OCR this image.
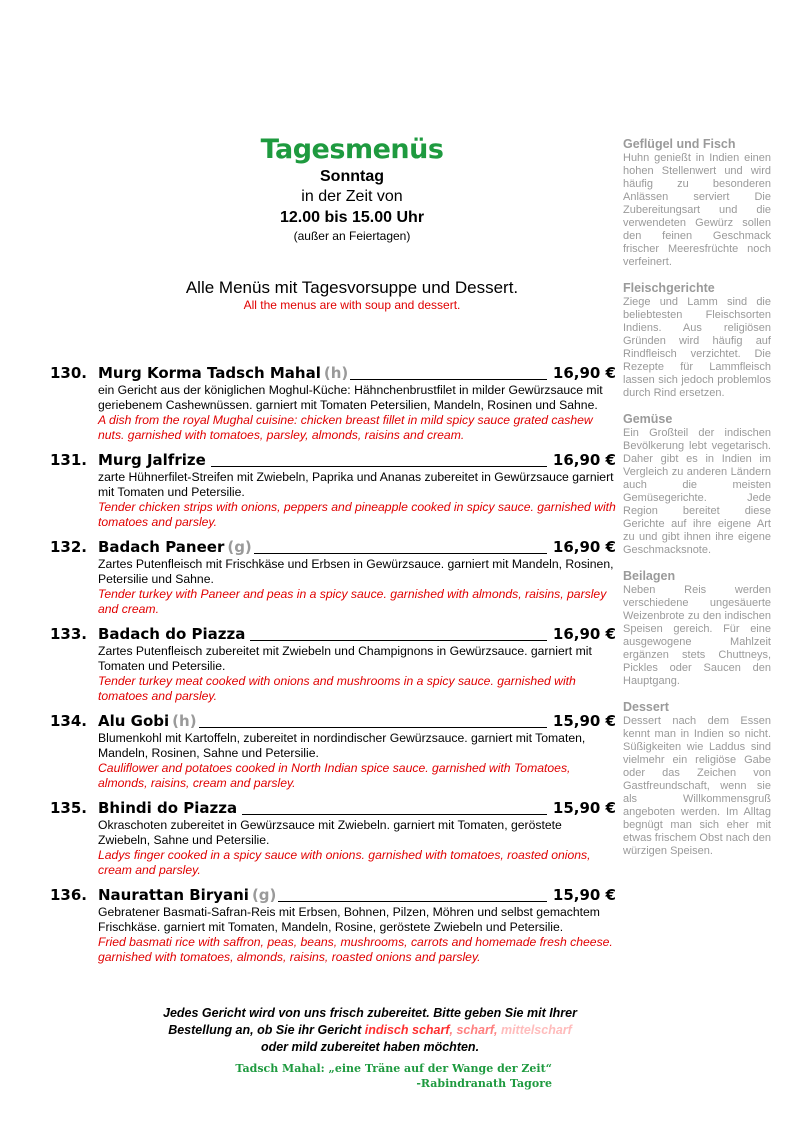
Tagesmenüs
Sonntag
in der Zeit von
12.00 bis 15.00 Uhr
(außer an Feiertagen)
Alle Menüs mit Tagesvorsuppe und Dessert.
All the menus are with soup and dessert.
130. Murg Korma Tadsch Mahal (h)	16,90 €
ein Gericht aus der königlichen Moghul-Küche: Hähnchenbrustfilet in milder Gewürzsauce mit geriebenem Cashewnüssen. garniert mit Tomaten Petersilien, Mandeln, Rosinen und Sahne.
A dish from the royal Mughal cuisine: chicken breast fillet in mild spicy sauce grated cashew nuts. garnished with tomatoes, parsley, almonds, raisins and cream.
131. Murg Jalfrize	16,90 €
zarte Hühnerfilet-Streifen mit Zwiebeln, Paprika und Ananas zubereitet in Gewürzsauce garniert mit Tomaten und Petersilie.
Tender chicken strips with onions, peppers and pineapple cooked in spicy sauce. garnished with tomatoes and parsley.
132. Badach Paneer (g)	16,90 €
Zartes Putenfleisch mit Frischkäse und Erbsen in Gewürzsauce. garniert mit Mandeln, Rosinen, Petersilie und Sahne.
Tender turkey with Paneer and peas in a spicy sauce. garnished with almonds, raisins, parsley and cream.
133. Badach do Piazza	16,90 €
Zartes Putenfleisch zubereitet mit Zwiebeln und Champignons in Gewürzsauce. garniert mit Tomaten und Petersilie.
Tender turkey meat cooked with onions and mushrooms in a spicy sauce. garnished with tomatoes and parsley.
134. Alu Gobi (h)	15,90 €
Blumenkohl mit Kartoffeln, zubereitet in nordindischer Gewürzsauce. garniert mit Tomaten, Mandeln, Rosinen, Sahne und Petersilie.
Cauliflower and potatoes cooked in North Indian spice sauce. garnished with Tomatoes, almonds, raisins, cream and parsley.
135. Bhindi do Piazza	15,90 €
Okraschoten zubereitet in Gewürzsauce mit Zwiebeln. garniert mit Tomaten, geröstete Zwiebeln, Sahne und Petersilie.
Ladys finger cooked in a spicy sauce with onions. garnished with tomatoes, roasted onions, cream and parsley.
136. Naurattan Biryani (g)	15,90 €
Gebratener Basmati-Safran-Reis mit Erbsen, Bohnen, Pilzen, Möhren und selbst gemachtem Frischkäse. garniert mit Tomaten, Mandeln, Rosine, geröstete Zwiebeln und Petersilie.
Fried basmati rice with saffron, peas, beans, mushrooms, carrots and homemade fresh cheese. garnished with tomatoes, almonds, raisins, roasted onions and parsley.
Jedes Gericht wird von uns frisch zubereitet. Bitte geben Sie mit Ihrer
Bestellung an, ob Sie ihr Gericht indisch scharf, scharf, mittelscharf
oder mild zubereitet haben möchten.
Tadsch Mahal: „eine Träne auf der Wange der Zeit“
-Rabindranath Tagore
Geflügel und Fisch
Huhn genießt in Indien einen hohen Stellenwert und wird häufig zu besonderen Anlässen serviert Die Zubereitungsart und die verwendeten Gewürz sollen den feinen Geschmack frischer Meeresfrüchte noch verfeinert.
Fleischgerichte
Ziege und Lamm sind die beliebtesten Fleischsorten Indiens. Aus religiösen Gründen wird häufig auf Rindfleisch verzichtet. Die Rezepte für Lammfleisch lassen sich jedoch problemlos durch Rind ersetzen.
Gemüse
Ein Großteil der indischen Bevölkerung lebt vegetarisch. Daher gibt es in Indien im Vergleich zu anderen Ländern auch die meisten Gemüsegerichte. Jede Region bereitet diese Gerichte auf ihre eigene Art zu und gibt ihnen ihre eigene Geschmacksnote.
Beilagen
Neben Reis werden verschiedene ungesäuerte Weizenbrote zu den indischen Speisen gereich. Für eine ausgewogene Mahlzeit ergänzen stets Chuttneys, Pickles oder Saucen den Hauptgang.
Dessert
Dessert nach dem Essen kennt man in Indien so nicht. Süßigkeiten wie Laddus sind vielmehr ein religiöse Gabe oder das Zeichen von Gastfreundschaft, wenn sie als Willkommensgruß angeboten werden. Im Alltag begnügt man sich eher mit etwas frischem Obst nach den würzigen Speisen.
